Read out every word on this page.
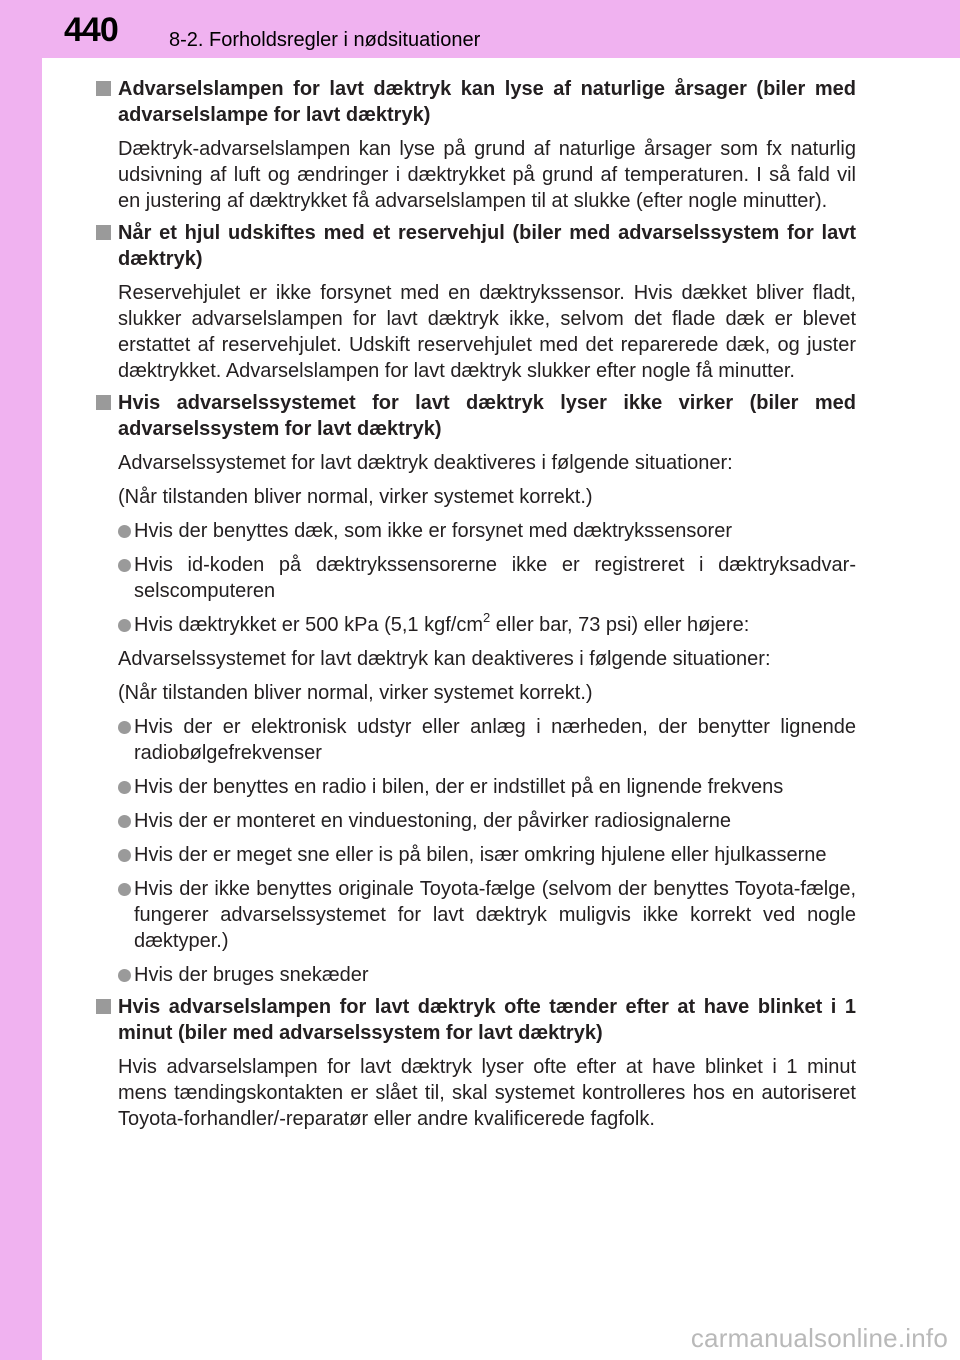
440	8-2. Forholdsregler i nødsituationer
Advarselslampen for lavt dæktryk kan lyse af naturlige årsager (biler med advarselslampe for lavt dæktryk)
Dæktryk-advarselslampen kan lyse på grund af naturlige årsager som fx naturlig udsivning af luft og ændringer i dæktrykket på grund af temperaturen. I så fald vil en justering af dæktrykket få advarselslampen til at slukke (efter nogle minutter).
Når et hjul udskiftes med et reservehjul (biler med advarselssystem for lavt dæktryk)
Reservehjulet er ikke forsynet med en dæktrykssensor. Hvis dækket bliver fladt, slukker advarselslampen for lavt dæktryk ikke, selvom det flade dæk er blevet erstattet af reservehjulet. Udskift reservehjulet med det reparerede dæk, og juster dæktrykket. Advarselslampen for lavt dæktryk slukker efter nogle få minutter.
Hvis advarselssystemet for lavt dæktryk lyser ikke virker (biler med advarselssystem for lavt dæktryk)
Advarselssystemet for lavt dæktryk deaktiveres i følgende situationer:
(Når tilstanden bliver normal, virker systemet korrekt.)
Hvis der benyttes dæk, som ikke er forsynet med dæktrykssensorer
Hvis id-koden på dæktrykssensorerne ikke er registreret i dæktryksadvarselscomputeren
Hvis dæktrykket er 500 kPa (5,1 kgf/$cm^2$ eller bar, 73 psi) eller højere:
Advarselssystemet for lavt dæktryk kan deaktiveres i følgende situationer:
(Når tilstanden bliver normal, virker systemet korrekt.)
Hvis der er elektronisk udstyr eller anlæg i nærheden, der benytter lignende radiobølgefrekvenser
Hvis der benyttes en radio i bilen, der er indstillet på en lignende frekvens
Hvis der er monteret en vinduestoning, der påvirker radiosignalerne
Hvis der er meget sne eller is på bilen, især omkring hjulene eller hjulkasserne
Hvis der ikke benyttes originale Toyota-fælge (selvom der benyttes Toyota-fælge, fungerer advarselssystemet for lavt dæktryk muligvis ikke korrekt ved nogle dæktyper.)
Hvis der bruges snekæder
Hvis advarselslampen for lavt dæktryk ofte tænder efter at have blinket i 1 minut (biler med advarselssystem for lavt dæktryk)
Hvis advarselslampen for lavt dæktryk lyser ofte efter at have blinket i 1 minut mens tændingskontakten er slået til, skal systemet kontrolleres hos en autoriseret Toyota-forhandler/-reparatør eller andre kvalificerede fagfolk.
carmanualsonline.info
